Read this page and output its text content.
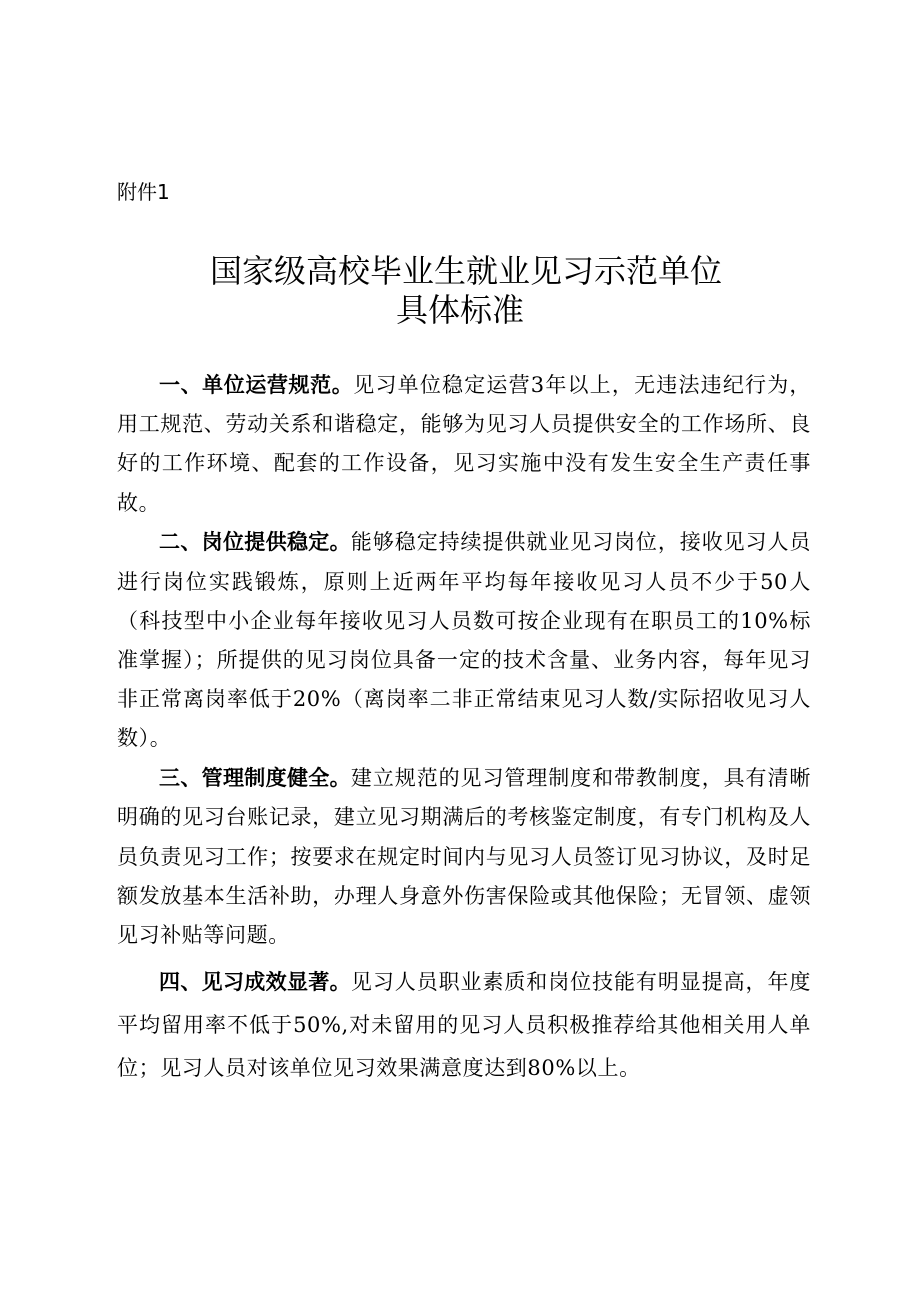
附件1
国家级高校毕业生就业见习示范单位
具体标准

一、单位运营规范。见习单位稳定运营3年以上，无违法违纪行为，用工规范、劳动关系和谐稳定，能够为见习人员提供安全的工作场所、良好的工作环境、配套的工作设备，见习实施中没有发生安全生产责任事故。

二、岗位提供稳定。能够稳定持续提供就业见习岗位，接收见习人员进行岗位实践锻炼，原则上近两年平均每年接收见习人员不少于50人（科技型中小企业每年接收见习人员数可按企业现有在职员工的10%标准掌握）；所提供的见习岗位具备一定的技术含量、业务内容，每年见习非正常离岗率低于20%（离岗率二非正常结束见习人数/实际招收见习人数）。

三、管理制度健全。建立规范的见习管理制度和带教制度，具有清晰明确的见习台账记录，建立见习期满后的考核鉴定制度，有专门机构及人员负责见习工作；按要求在规定时间内与见习人员签订见习协议，及时足额发放基本生活补助，办理人身意外伤害保险或其他保险；无冒领、虚领见习补贴等问题。

四、见习成效显著。见习人员职业素质和岗位技能有明显提高，年度平均留用率不低于50%,对未留用的见习人员积极推荐给其他相关用人单位；见习人员对该单位见习效果满意度达到80%以上。
